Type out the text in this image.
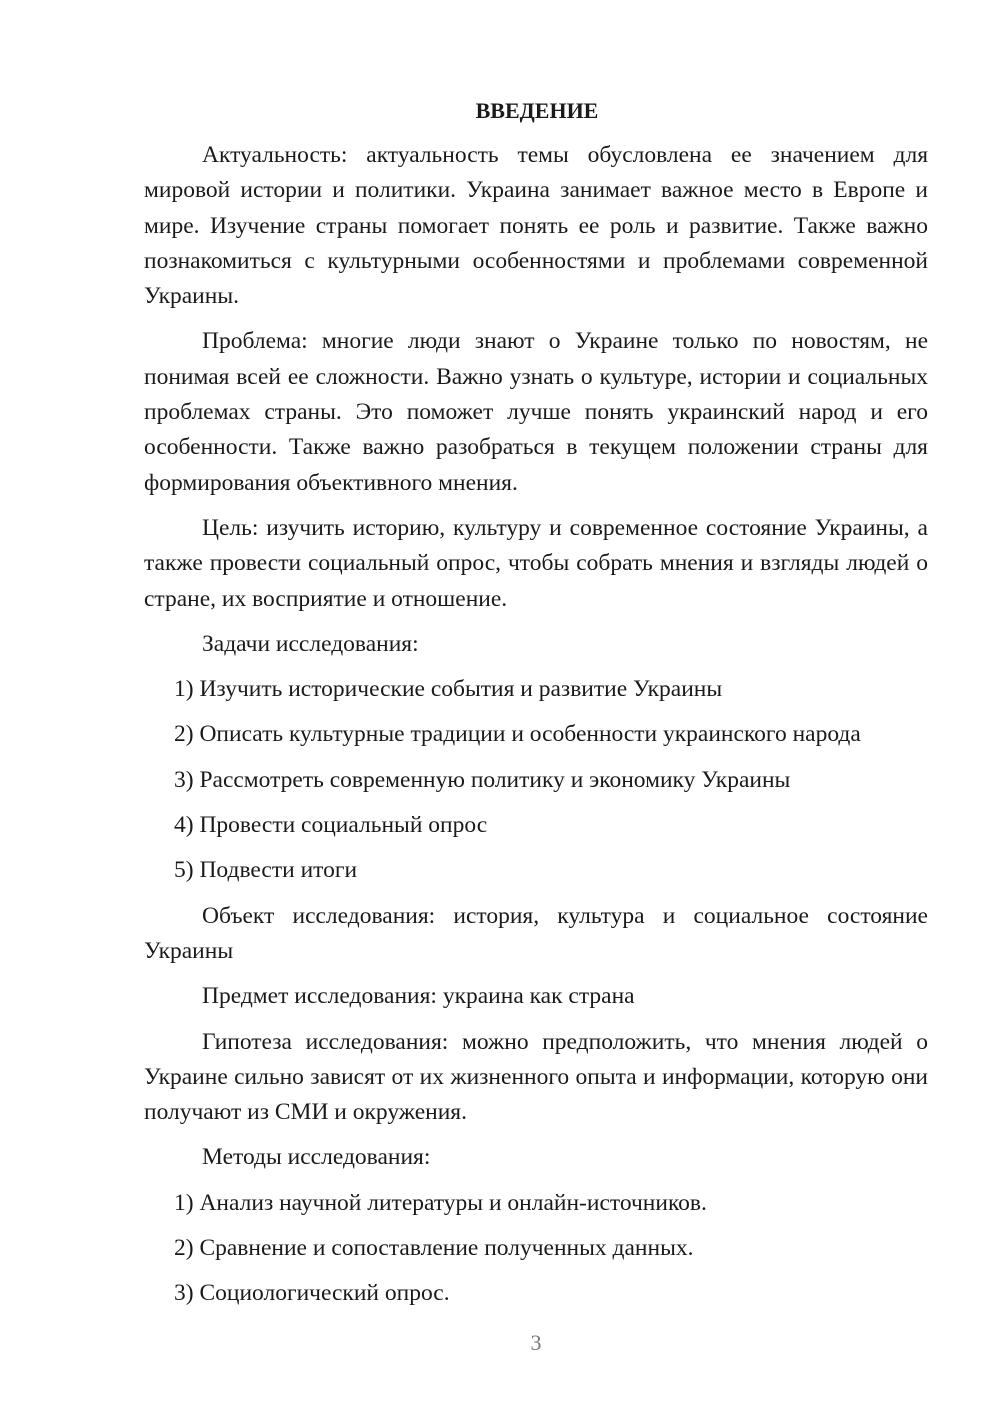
ВВЕДЕНИЕ

Актуальность: актуальность темы обусловлена ее значением для мировой истории и политики. Украина занимает важное место в Европе и мире. Изучение страны помогает понять ее роль и развитие. Также важно познакомиться с культурными особенностями и проблемами современной Украины.

Проблема: многие люди знают о Украине только по новостям, не понимая всей ее сложности. Важно узнать о культуре, истории и социальных проблемах страны. Это поможет лучше понять украинский народ и его особенности. Также важно разобраться в текущем положении страны для формирования объективного мнения.

Цель: изучить историю, культуру и современное состояние Украины, а также провести социальный опрос, чтобы собрать мнения и взгляды людей о стране, их восприятие и отношение.

Задачи исследования:

1) Изучить исторические события и развитие Украины
2) Описать культурные традиции и особенности украинского народа
3) Рассмотреть современную политику и экономику Украины
4) Провести социальный опрос
5) Подвести итоги

Объект исследования: история, культура и социальное состояние Украины

Предмет исследования: украина как страна

Гипотеза исследования: можно предположить, что мнения людей о Украине сильно зависят от их жизненного опыта и информации, которую они получают из СМИ и окружения.

Методы исследования:

1) Анализ научной литературы и онлайн-источников.
2) Сравнение и сопоставление полученных данных.
3) Социологический опрос.
3
